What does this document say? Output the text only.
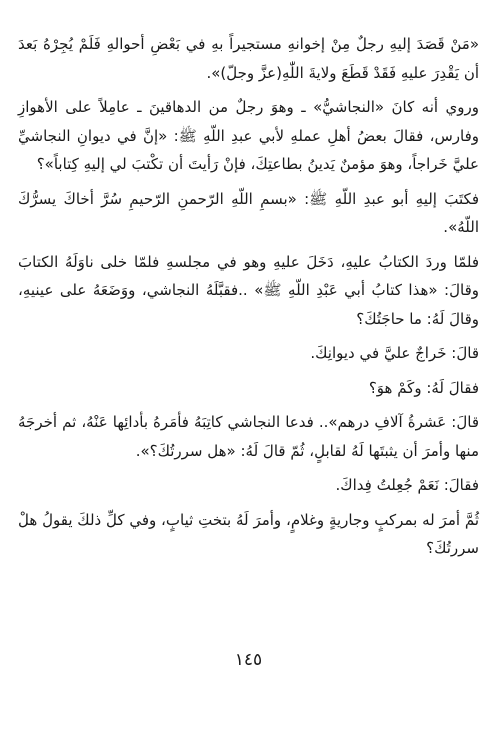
«مَنْ قَصَدَ إليهِ رجلٌ مِنْ إخوانهِ مستجيراً بهِ في بَعْضِ أحوالهِ فَلَمْ يُجِرْهُ بَعدَ أن يَقْدِرَ عليهِ فَقَدْ قَطَعَ ولايةَ اللّٰهِ(عزَّ وجلّ)».

وروي أنه كانَ «النجاشيُّ» ـ وهوَ رجلٌ من الدهاقينَ ـ عامِلاً على الأهوازِ وفارس، فقالَ بعضُ أهلِ عملهِ لأبي عبدِ اللّهِ ﷺ: «إنَّ في ديوانِ النجاشيِّ عليَّ خَراجاً، وهوَ مؤمنٌ يَدينُ بطاعتِكَ، فإنْ رَأيتَ أن تكْتبَ لي إليهِ كِتاباً»؟

فكتَبَ إليهِ أبو عبدِ اللّهِ ﷺ: «بسمِ اللّهِ الرّحمنِ الرّحيمِ سُرَّ أخاكَ يسرُّكَ اللّهُ».

فلمّا وردَ الكتابُ عليهِ، دَخَلَ عليهِ وهو في مجلسهِ فلمّا خلى ناوَلَهُ الكتابَ وقالَ: «هذا كتابُ أبي عَبْدِ اللّهِ ﷺ» ..فقبَّلَهُ النجاشي، ووَضَعَهُ على عينيهِ، وقالَ لَهُ: ما حاجَتُكَ؟

قالَ: خَراجٌ عليَّ في ديوانِكَ.

فقالَ لَهُ: وكَمْ هوَ؟

قالَ: عَشرةُ آلافِ درهم».. فدعا النجاشي كاتِبَهُ فأمَرهُ بأدائِها عَنْهُ، ثم أخرجَهُ منها وأمرَ أن يثبتَها لَهُ لقابلٍ، ثُمّ قالَ لَهُ: «هل سررتُكَ؟».

فقالَ: نَعَمْ جُعِلتُ فِداكَ.

ثُمَّ أمرَ له بمركبٍ وجاريةٍ وغلامٍ، وأمرَ لَهُ بتختِ ثيابٍ، وفي كلِّ ذلكَ يقولُ هلْ سررتُكَ؟

١٤٥
